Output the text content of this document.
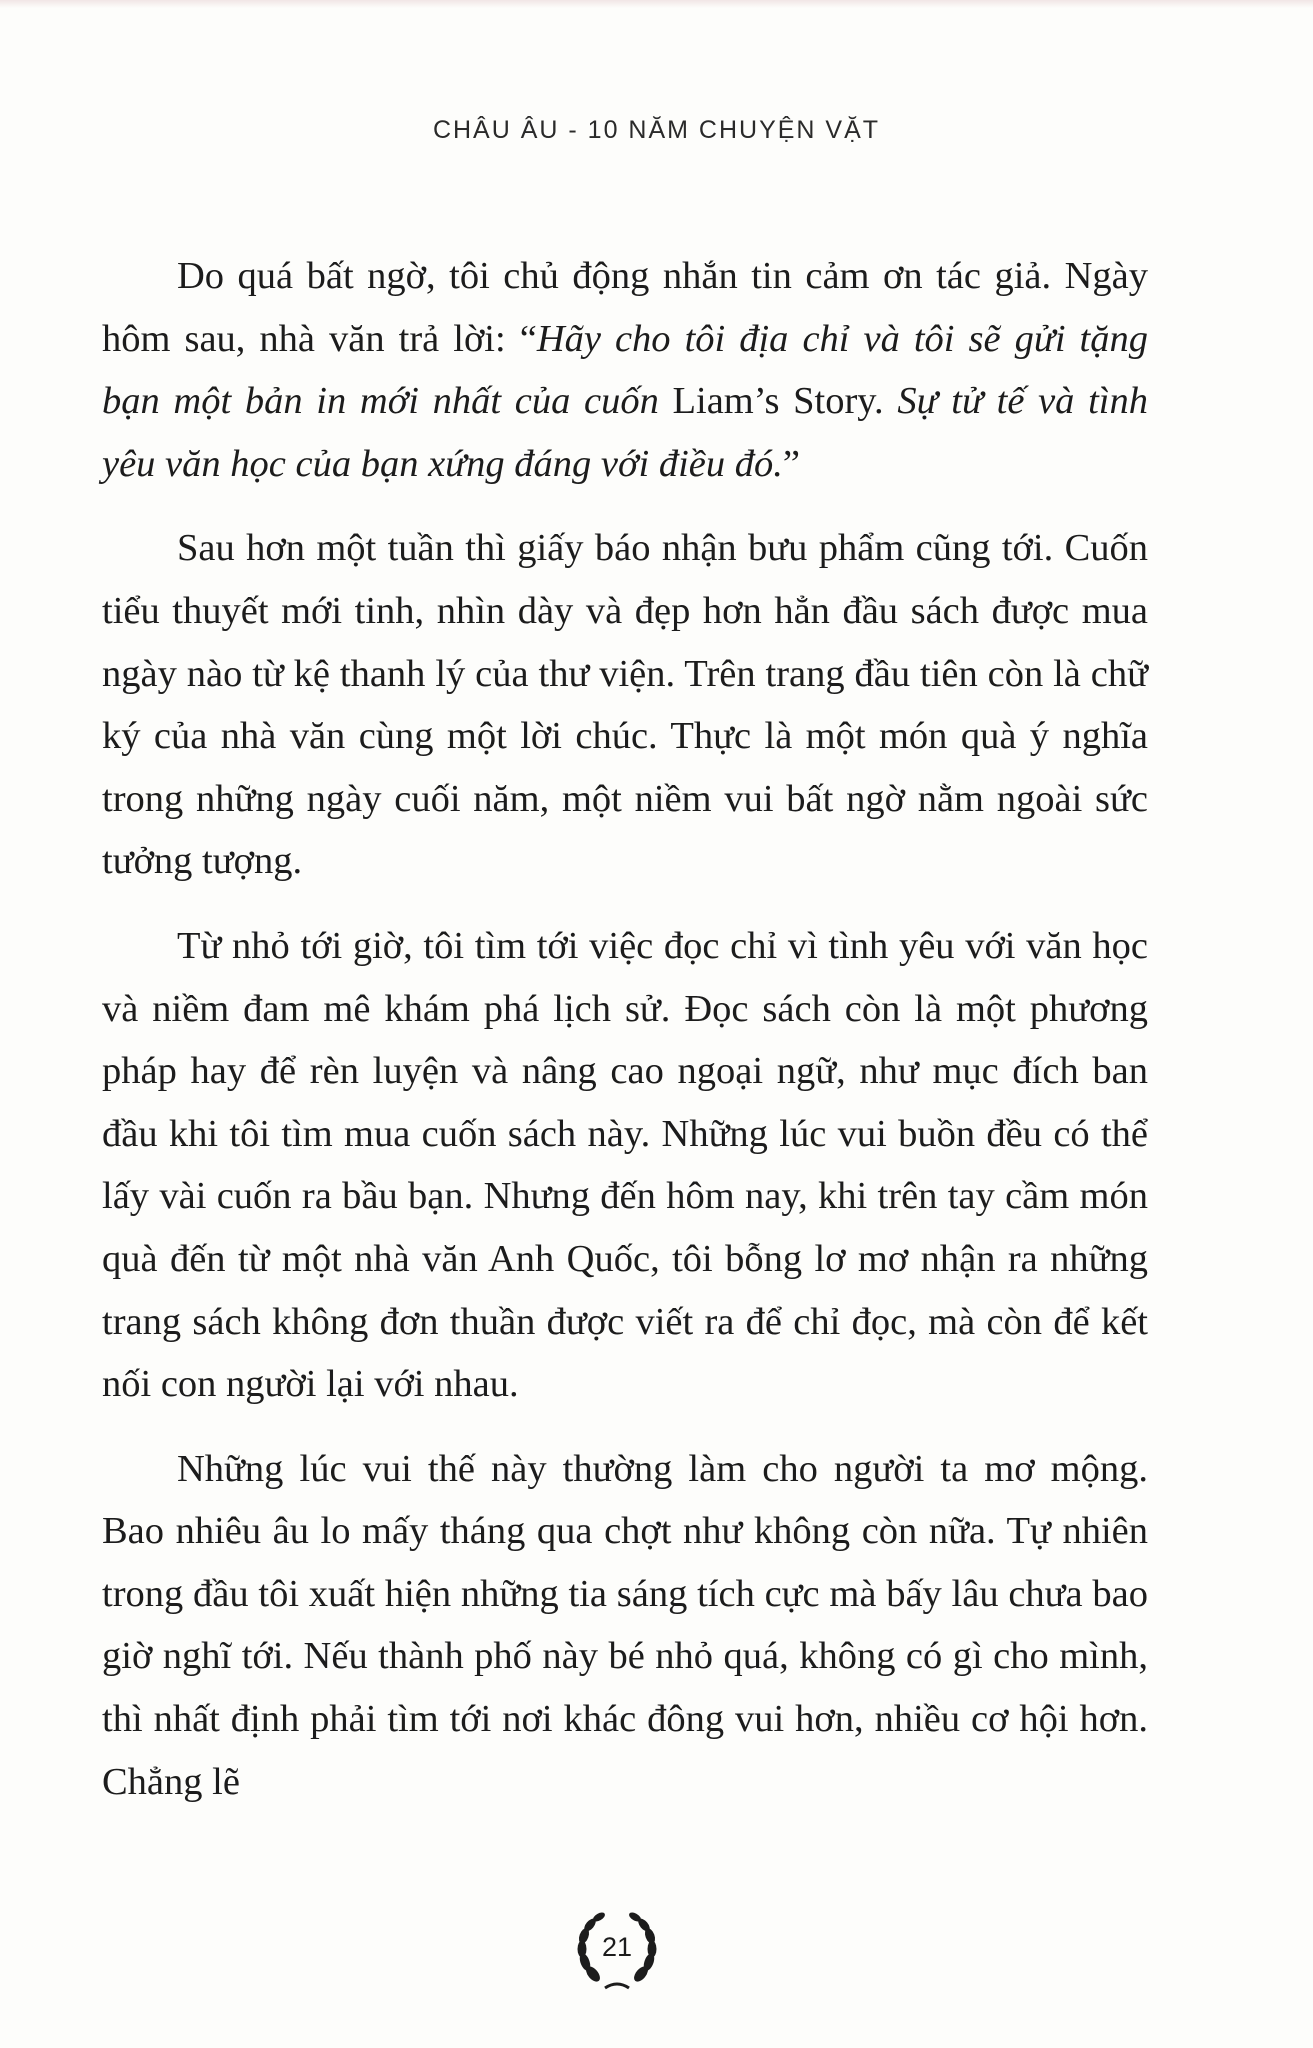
CHÂU ÂU - 10 NĂM CHUYỆN VẶT

Do quá bất ngờ, tôi chủ động nhắn tin cảm ơn tác giả. Ngày hôm sau, nhà văn trả lời: “Hãy cho tôi địa chỉ và tôi sẽ gửi tặng bạn một bản in mới nhất của cuốn Liam’s Story. Sự tử tế và tình yêu văn học của bạn xứng đáng với điều đó.”

Sau hơn một tuần thì giấy báo nhận bưu phẩm cũng tới. Cuốn tiểu thuyết mới tinh, nhìn dày và đẹp hơn hẳn đầu sách được mua ngày nào từ kệ thanh lý của thư viện. Trên trang đầu tiên còn là chữ ký của nhà văn cùng một lời chúc. Thực là một món quà ý nghĩa trong những ngày cuối năm, một niềm vui bất ngờ nằm ngoài sức tưởng tượng.

Từ nhỏ tới giờ, tôi tìm tới việc đọc chỉ vì tình yêu với văn học và niềm đam mê khám phá lịch sử. Đọc sách còn là một phương pháp hay để rèn luyện và nâng cao ngoại ngữ, như mục đích ban đầu khi tôi tìm mua cuốn sách này. Những lúc vui buồn đều có thể lấy vài cuốn ra bầu bạn. Nhưng đến hôm nay, khi trên tay cầm món quà đến từ một nhà văn Anh Quốc, tôi bỗng lơ mơ nhận ra những trang sách không đơn thuần được viết ra để chỉ đọc, mà còn để kết nối con người lại với nhau.

Những lúc vui thế này thường làm cho người ta mơ mộng. Bao nhiêu âu lo mấy tháng qua chợt như không còn nữa. Tự nhiên trong đầu tôi xuất hiện những tia sáng tích cực mà bấy lâu chưa bao giờ nghĩ tới. Nếu thành phố này bé nhỏ quá, không có gì cho mình, thì nhất định phải tìm tới nơi khác đông vui hơn, nhiều cơ hội hơn. Chẳng lẽ

21
